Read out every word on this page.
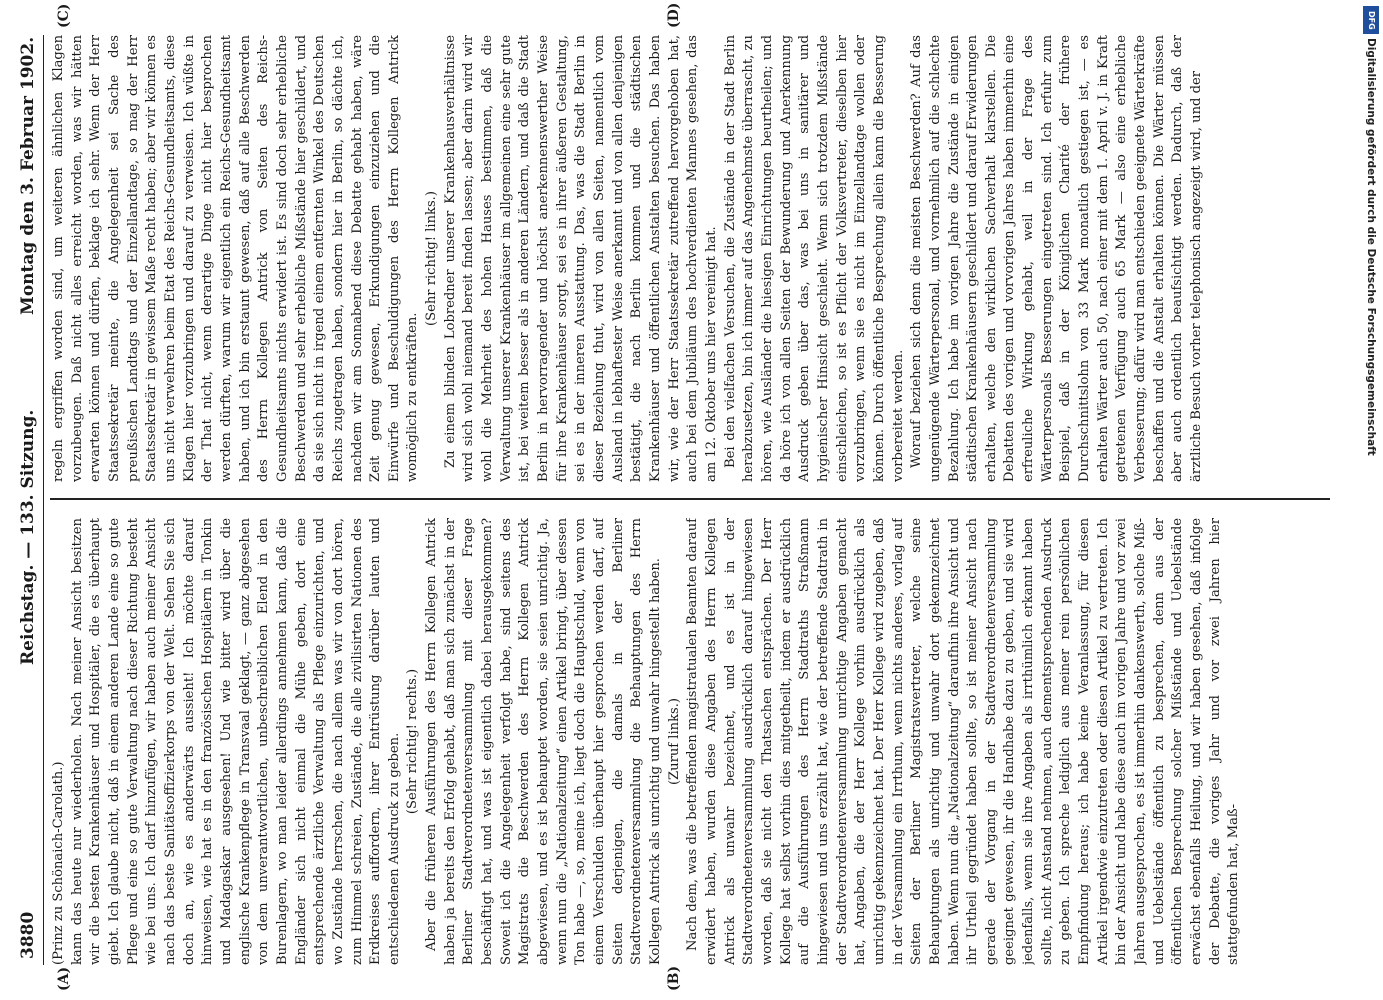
3880
Reichstag. — 133. Sitzung.
Montag den 3. Februar 1902.
(A)	(B)
(C)	(D)

(Prinz zu Schönaich-Carolath.) kann das heute nur wiederholen. Nach meiner Ansicht besitzen wir die besten Krankenhäuser und Hospitäler, die es überhaupt giebt. Ich glaube nicht, daß in einem anderen Lande eine so gute Pflege und eine so gute Verwaltung nach dieser Richtung besteht wie bei uns. Ich darf hinzufügen, wir haben auch meiner Ansicht nach das beste Sanitätsoffizierkorps von der Welt. Sehen Sie sich doch an, wie es anderwärts aussieht! Ich möchte darauf hinweisen, wie hat es in den französischen Hospitälern in Tonkin und Madagaskar ausgesehen! Und wie bitter wird über die englische Krankenpflege in Transvaal geklagt, — ganz abgesehen von dem unverantwortlichen, unbeschreiblichen Elend in den Burenlagern, wo man leider allerdings annehmen kann, daß die Engländer sich nicht einmal die Mühe geben, dort eine entsprechende ärztliche Verwaltung als Pflege einzurichten, und wo Zustände herrschen, die nach allem was wir von dort hören, zum Himmel schreien, Zustände, die alle zivilisirten Nationen des Erdkreises auffordern, ihrer Entrüstung darüber lauten und entschiedenen Ausdruck zu geben. (Sehr richtig! rechts.) Aber die früheren Ausführungen des Herrn Kollegen Antrick haben ja bereits den Erfolg gehabt, daß man sich zunächst in der Berliner Stadtverordnetenversammlung mit dieser Frage beschäftigt hat, und was ist eigentlich dabei herausgekommen? Soweit ich die Angelegenheit verfolgt habe, sind seitens des Magistrats die Beschwerden des Herrn Kollegen Antrick abgewiesen, und es ist behauptet worden, sie seien unrichtig. Ja, wenn nun die „Nationalzeitung“ einen Artikel bringt, über dessen Ton habe —, so, meine ich, liegt doch die Hauptschuld, wenn von einem Verschulden überhaupt hier gesprochen werden darf, auf Seiten derjenigen, die damals in der Berliner Stadtverordnetenversammlung die Behauptungen des Herrn Kollegen Antrick als unrichtig und unwahr hingestellt haben. (Zuruf links.) Nach dem, was die betreffenden magistratualen Beamten darauf erwidert haben, wurden diese Angaben des Herrn Kollegen Antrick als unwahr bezeichnet, und es ist in der Stadtverordnetenversammlung ausdrücklich darauf hingewiesen worden, daß sie nicht den Thatsachen entsprächen. Der Herr Kollege hat selbst vorhin dies mitgetheilt, indem er ausdrücklich auf die Ausführungen des Herrn Stadtraths Straßmann hingewiesen und uns erzählt hat, wie der betreffende Stadtrath in der Stadtverordnetenversammlung unrichtige Angaben gemacht hat, Angaben, die der Herr Kollege vorhin ausdrücklich als unrichtig gekennzeichnet hat. Der Herr Kollege wird zugeben, daß in der Versammlung ein Irrthum, wenn nichts anderes, vorlag auf Seiten der Berliner Magistratsvertreter, welche seine Behauptungen als unrichtig und unwahr dort gekennzeichnet haben. Wenn nun die „Nationalzeitung“ daraufhin ihre Ansicht und ihr Urtheil gegründet haben sollte, so ist meiner Ansicht nach gerade der Vorgang in der Stadtverordnetenversammlung geeignet gewesen, ihr die Handhabe dazu zu geben, und sie wird jedenfalls, wenn sie ihre Angaben als irrthümlich erkannt haben sollte, nicht Anstand nehmen, auch dementsprechenden Ausdruck zu geben. Ich spreche lediglich aus meiner rein persönlichen Empfindung heraus; ich habe keine Veranlassung, für diesen Artikel irgendwie einzutreten oder diesen Artikel zu vertreten. Ich bin der Ansicht und habe diese auch im vorigen Jahre und vor zwei Jahren ausgesprochen, es ist immerhin dankenswerth, solche Miß- und Uebelstände öffentlich zu besprechen, denn aus der öffentlichen Besprechung solcher Mißstände und Uebelstände erwächst ebenfalls Heilung, und wir haben gesehen, daß infolge der Debatte, die voriges Jahr und vor zwei Jahren hier stattgefunden hat, Maß-

regeln ergriffen worden sind, um weiteren ähnlichen Klagen vorzubeugen. Daß nicht alles erreicht worden, was wir hätten erwarten können und dürfen, beklage ich sehr. Wenn der Herr Staatssekretär meinte, die Angelegenheit sei Sache des preußischen Landtags und der Einzellandtage, so mag der Herr Staatssekretär in gewissem Maße recht haben; aber wir können es uns nicht verwehren beim Etat des Reichs-Gesundheitsamts, diese Klagen hier vorzubringen und darauf zu verweisen. Ich wüßte in der That nicht, wenn derartige Dinge nicht hier besprochen werden dürften, warum wir eigentlich ein Reichs-Gesundheitsamt haben, und ich bin erstaunt gewesen, daß auf alle Beschwerden des Herrn Kollegen Antrick von Seiten des Reichs-Gesundheitsamts nichts erwidert ist. Es sind doch sehr erhebliche Beschwerden und sehr erhebliche Mißstände hier geschildert, und da sie sich nicht in irgend einem entfernten Winkel des Deutschen Reichs zugetragen haben, sondern hier in Berlin, so dächte ich, nachdem wir am Sonnabend diese Debatte gehabt haben, wäre Zeit genug gewesen, Erkundigungen einzuziehen und die Einwürfe und Beschuldigungen des Herrn Kollegen Antrick womöglich zu entkräften.

(Sehr richtig! links.) Zu einem blinden Lobredner unserer Krankenhausverhältnisse wird sich wohl niemand bereit finden lassen; aber darin wird wir wohl die Mehrheit des hohen Hauses bestimmen, daß die Verwaltung unserer Krankenhäuser im allgemeinen eine sehr gute ist, bei weitem besser als in anderen Ländern, und daß die Stadt Berlin in hervorragender und höchst anerkennenswerther Weise für ihre Krankenhäuser sorgt, sei es in ihrer äußeren Gestaltung, sei es in der inneren Ausstattung. Das, was die Stadt Berlin in dieser Beziehung thut, wird von allen Seiten, namentlich vom Ausland in lebhaftester Weise anerkannt und von allen denjenigen bestätigt, die nach Berlin kommen und die städtischen Krankenhäuser und öffentlichen Anstalten besuchen. Das haben wir, wie der Herr Staatssekretär zutreffend hervorgehoben hat, auch bei dem Jubiläum des hochverdienten Mannes gesehen, das am 12. Oktober uns hier vereinigt hat. Bei den vielfachen Versuchen, die Zustände in der Stadt Berlin herabzusetzen, bin ich immer auf das Angenehmste überrascht, zu hören, wie Ausländer die hiesigen Einrichtungen beurtheilen; und da höre ich von allen Seiten der Bewunderung und Anerkennung Ausdruck geben über das, was bei uns in sanitärer und hygienischer Hinsicht geschieht. Wenn sich trotzdem Mißstände einschleichen, so ist es Pflicht der Volksvertreter, dieselben hier vorzubringen, wenn sie es nicht im Einzellandtage wollen oder können. Durch öffentliche Besprechung allein kann die Besserung vorbereitet werden. Worauf beziehen sich denn die meisten Beschwerden? Auf das ungenügende Wärterpersonal, und vornehmlich auf die schlechte Bezahlung. Ich habe im vorigen Jahre die Zustände in einigen städtischen Krankenhäusern geschildert und darauf Erwiderungen erhalten, welche den wirklichen Sachverhalt klarstellen. Die Debatten des vorigen und vorvorigen Jahres haben immerhin eine erfreuliche Wirkung gehabt, weil in der Frage des Wärterpersonals Besserungen eingetreten sind. Ich erfuhr zum Beispiel, daß in der Königlichen Charité der frühere Durchschnittslohn von 33 Mark monatlich gestiegen ist, — es erhalten Wärter auch 50, nach einer mit dem 1. April v. J. in Kraft getretenen Verfügung auch 65 Mark — also eine erhebliche Verbesserung; dafür wird man entschieden geeignete Wärterkräfte beschaffen und die Anstalt erhalten können. Die Wärter müssen aber auch ordentlich beaufsichtigt werden. Dadurch, daß der ärztliche Besuch vorher telephonisch angezeigt wird, und der

DFG
Digitalisierung gefördert durch die Deutsche Forschungsgemeinschaft
